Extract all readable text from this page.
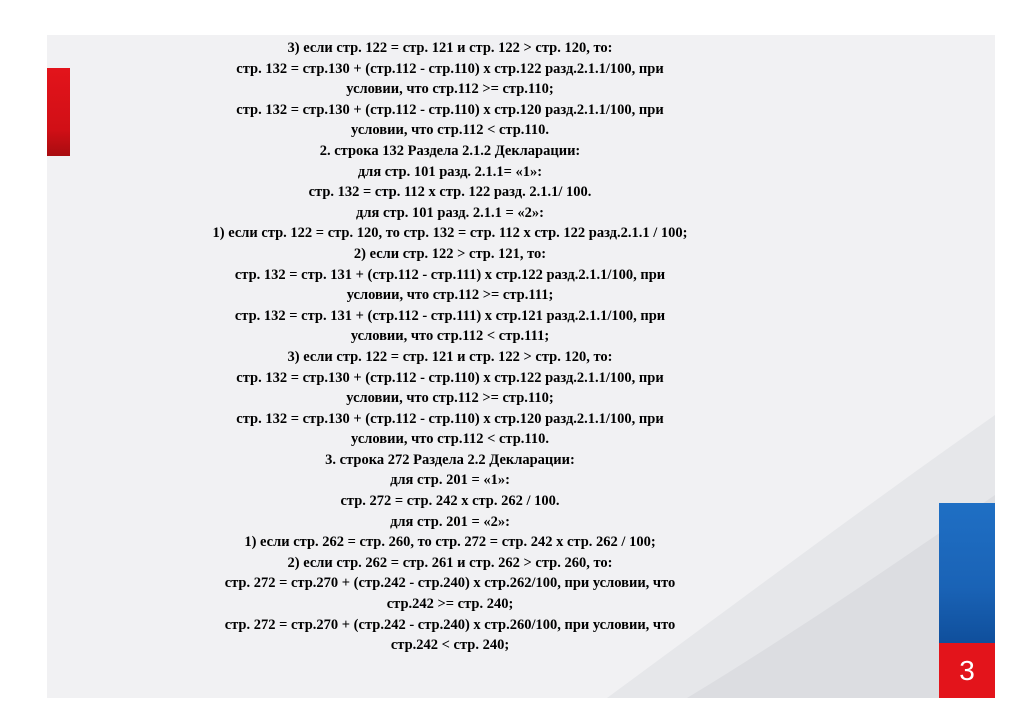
3
3) если стр. 122 = стр. 121 и стр. 122 > стр. 120, то:
стр. 132 = стр.130 + (стр.112 - стр.110) х стр.122 разд.2.1.1/100, при
условии, что стр.112 >= стр.110;
стр. 132 = стр.130 + (стр.112 - стр.110) х стр.120 разд.2.1.1/100, при
условии, что стр.112 < стр.110.
2. строка 132 Раздела 2.1.2 Декларации:
для стр. 101 разд. 2.1.1= «1»:
стр. 132 = стр. 112 х стр. 122 разд. 2.1.1/ 100.
для стр. 101 разд. 2.1.1 = «2»:
1) если стр. 122 = стр. 120, то стр. 132 = стр. 112 х стр. 122 разд.2.1.1 / 100;
2) если стр. 122 > стр. 121, то:
стр. 132 = стр. 131 + (стр.112 - стр.111) х стр.122 разд.2.1.1/100, при
условии, что стр.112 >= стр.111;
стр. 132 = стр. 131 + (стр.112 - стр.111) х стр.121 разд.2.1.1/100, при
условии, что стр.112 < стр.111;
3) если стр. 122 = стр. 121 и стр. 122 > стр. 120, то:
стр. 132 = стр.130 + (стр.112 - стр.110) х стр.122 разд.2.1.1/100, при
условии, что стр.112 >= стр.110;
стр. 132 = стр.130 + (стр.112 - стр.110) х стр.120 разд.2.1.1/100, при
условии, что стр.112 < стр.110.
3. строка 272 Раздела 2.2 Декларации:
для стр. 201 = «1»:
стр. 272 = стр. 242 х стр. 262 / 100.
для стр. 201 = «2»:
1) если стр. 262 = стр. 260, то стр. 272 = стр. 242 х стр. 262 / 100;
2) если стр. 262 = стр. 261 и стр. 262 > стр. 260, то:
стр. 272 = стр.270 + (стр.242 - стр.240) х стр.262/100, при условии, что
стр.242 >= стр. 240;
стр. 272 = стр.270 + (стр.242 - стр.240) х стр.260/100, при условии, что
стр.242 < стр. 240;
